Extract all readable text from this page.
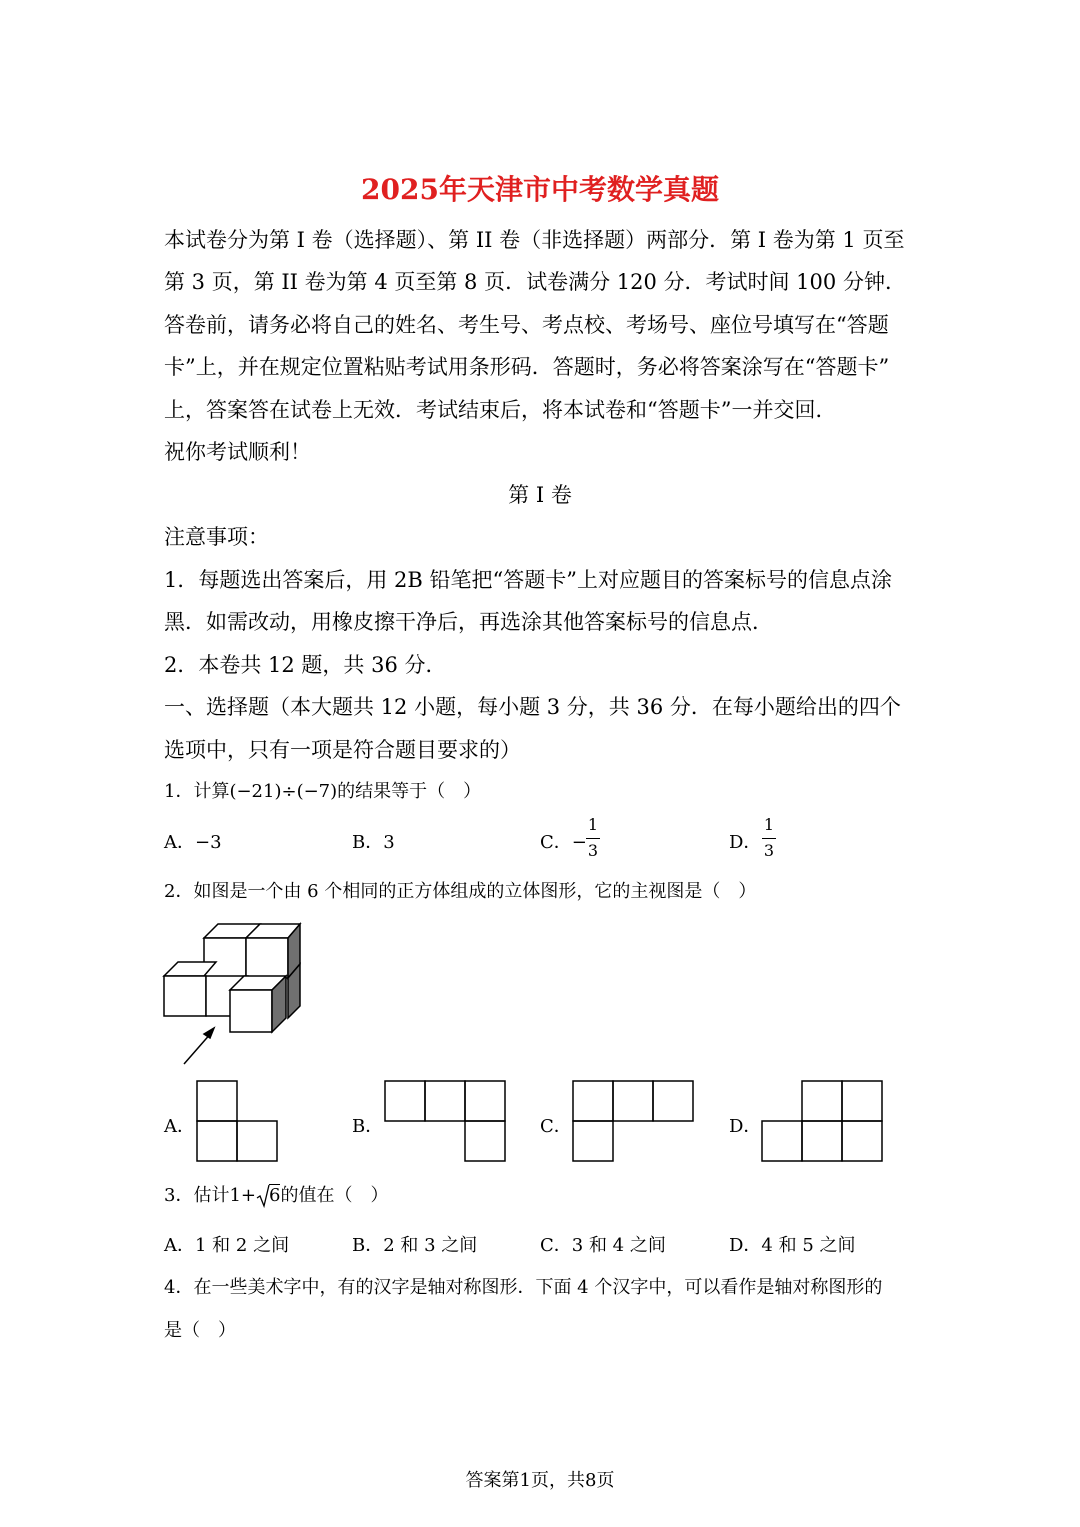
2025年天津市中考数学真题
本试卷分为第 I 卷（选择题）、第 II 卷（非选择题）两部分．第 I 卷为第 1 页至
第 3 页，第 II 卷为第 4 页至第 8 页．试卷满分 120 分．考试时间 100 分钟．
答卷前，请务必将自己的姓名、考生号、考点校、考场号、座位号填写在“答题
卡”上，并在规定位置粘贴考试用条形码．答题时，务必将答案涂写在“答题卡”
上，答案答在试卷上无效．考试结束后，将本试卷和“答题卡”一并交回．
祝你考试顺利！
第 I 卷
注意事项：
1．每题选出答案后，用 2B 铅笔把“答题卡”上对应题目的答案标号的信息点涂
黑．如需改动，用橡皮擦干净后，再选涂其他答案标号的信息点．
2．本卷共 12 题，共 36 分．
一、选择题（本大题共 12 小题，每小题 3 分，共 36 分．在每小题给出的四个
选项中，只有一项是符合题目要求的）
1．计算(−21)÷(−7)的结果等于（　）
A．−3	B．3	C．−
1
3	D．
1
3
2．如图是一个由 6 个相同的正方体组成的立体图形，它的主视图是（　）
A．	B．	C．	D．
3．估计1+ 6的值在（　）
A．1 和 2 之间	B．2 和 3 之间	C．3 和 4 之间	D．4 和 5 之间
4．在一些美术字中，有的汉字是轴对称图形．下面 4 个汉字中，可以看作是轴对称图形的
是（　）
答案第1页，共8页
